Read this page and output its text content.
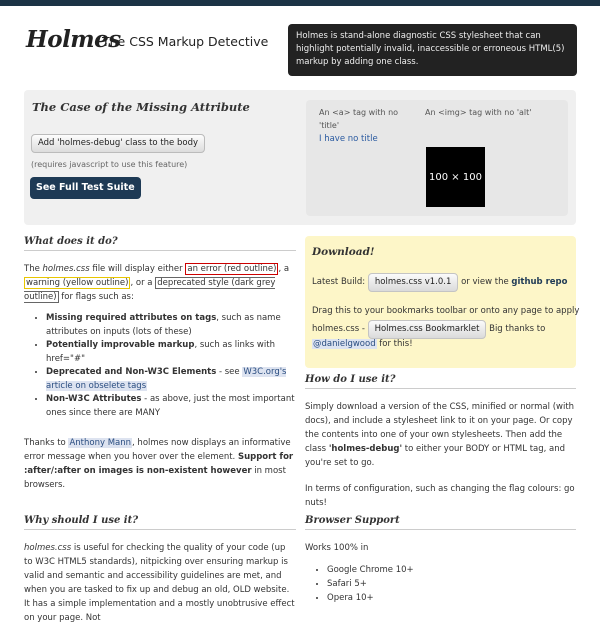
Holmes
The CSS Markup Detective	Holmes is stand-alone diagnostic CSS stylesheet that can highlight potentially invalid, inaccessible or erroneous HTML(5) markup by adding one class.
The Case of the Missing Attribute
Add 'holmes-debug' class to the body
(requires javascript to use this feature)
See Full Test Suite
An <a> tag with no 'title'
I have no title
An <img> tag with no 'alt'
100 × 100
What does it do?

The holmes.css file will display either an error (red outline) , a warning (yellow outline) , or a deprecated style (dark grey outline) for flags such as:

• Missing required attributes on tags, such as name attributes on inputs (lots of these)
• Potentially improvable markup, such as links with href="#"
• Deprecated and Non-W3C Elements - see W3C.org's article on obselete tags
• Non-W3C Attributes - as above, just the most important ones since there are MANY

Thanks to Anthony Mann, holmes now displays an informative error message when you hover over the element. Support for :after/:after on images is non-existent however in most browsers.

Download!
Latest Build: holmes.css v1.0.1 or view the github repo
Drag this to your bookmarks toolbar or onto any page to apply
holmes.css - Holmes.css Bookmarklet Big thanks to
@danielgwood for this!
How do I use it?

Simply download a version of the CSS, minified or normal (with docs), and include a stylesheet link to it on your page. Or copy the contents into one of your own stylesheets. Then add the class 'holmes-debug' to either your BODY or HTML tag, and you're set to go.

In terms of configuration, such as changing the flag colours: go nuts!

Why should I use it?

holmes.css is useful for checking the quality of your code (up to W3C HTML5 standards), nitpicking over ensuring markup is valid and semantic and accessibility guidelines are met, and when you are tasked to fix up and debug an old, OLD website. It has a simple implementation and a mostly unobtrusive effect on your page. Not

Browser Support

Works 100% in

• Google Chrome 10+
• Safari 5+
• Opera 10+
